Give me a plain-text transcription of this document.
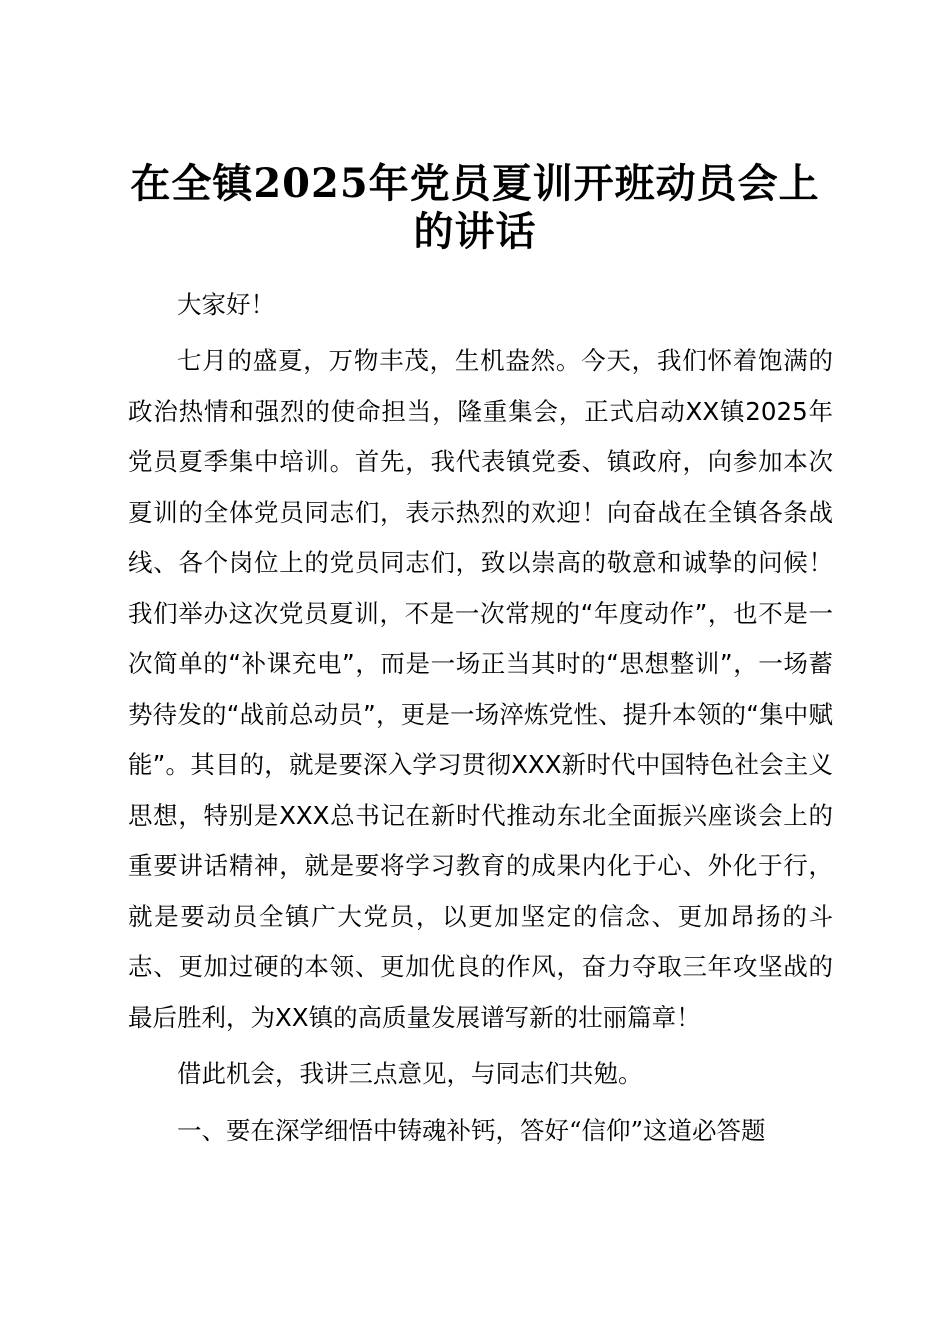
在全镇2025年党员夏训开班动员会上
的讲话

大家好！

七月的盛夏，万物丰茂，生机盎然。今天，我们怀着饱满的政治热情和强烈的使命担当，隆重集会，正式启动XX镇2025年党员夏季集中培训。首先，我代表镇党委、镇政府，向参加本次夏训的全体党员同志们，表示热烈的欢迎！向奋战在全镇各条战线、各个岗位上的党员同志们，致以崇高的敬意和诚挚的问候！我们举办这次党员夏训，不是一次常规的“年度动作”，也不是一次简单的“补课充电”，而是一场正当其时的“思想整训”，一场蓄势待发的“战前总动员”，更是一场淬炼党性、提升本领的“集中赋能”。其目的，就是要深入学习贯彻XXX新时代中国特色社会主义思想，特别是XXX总书记在新时代推动东北全面振兴座谈会上的重要讲话精神，就是要将学习教育的成果内化于心、外化于行，就是要动员全镇广大党员，以更加坚定的信念、更加昂扬的斗志、更加过硬的本领、更加优良的作风，奋力夺取三年攻坚战的最后胜利，为XX镇的高质量发展谱写新的壮丽篇章！

借此机会，我讲三点意见，与同志们共勉。

一、要在深学细悟中铸魂补钙，答好“信仰”这道必答题
